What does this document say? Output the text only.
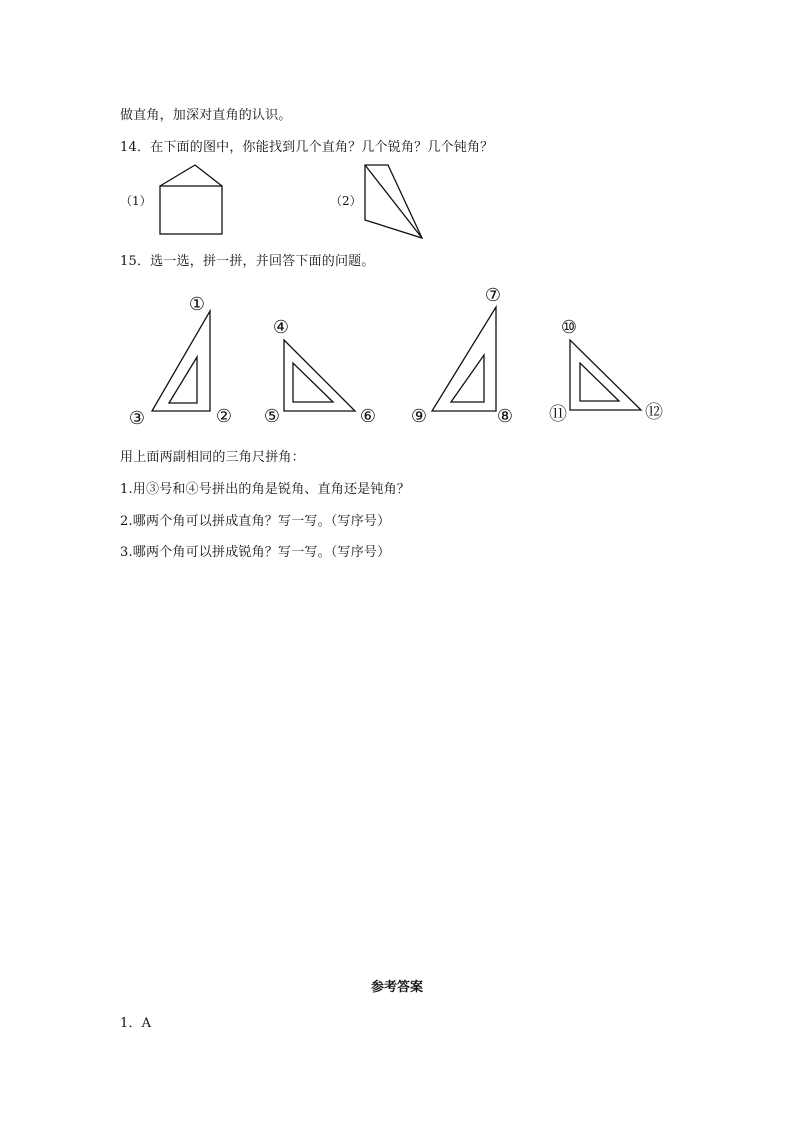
做直角，加深对直角的认识。
14．在下面的图中，你能找到几个直角？几个锐角？几个钝角？
（1）	（2）
15．选一选，拼一拼，并回答下面的问题。
①
②
③
④
⑤	⑥
⑦
⑧
⑨
⑩
⑪	⑫
用上面两副相同的三角尺拼角：
1.用③号和④号拼出的角是锐角、直角还是钝角？
2.哪两个角可以拼成直角？写一写。（写序号）
3.哪两个角可以拼成锐角？写一写。（写序号）
参考答案
1．A
